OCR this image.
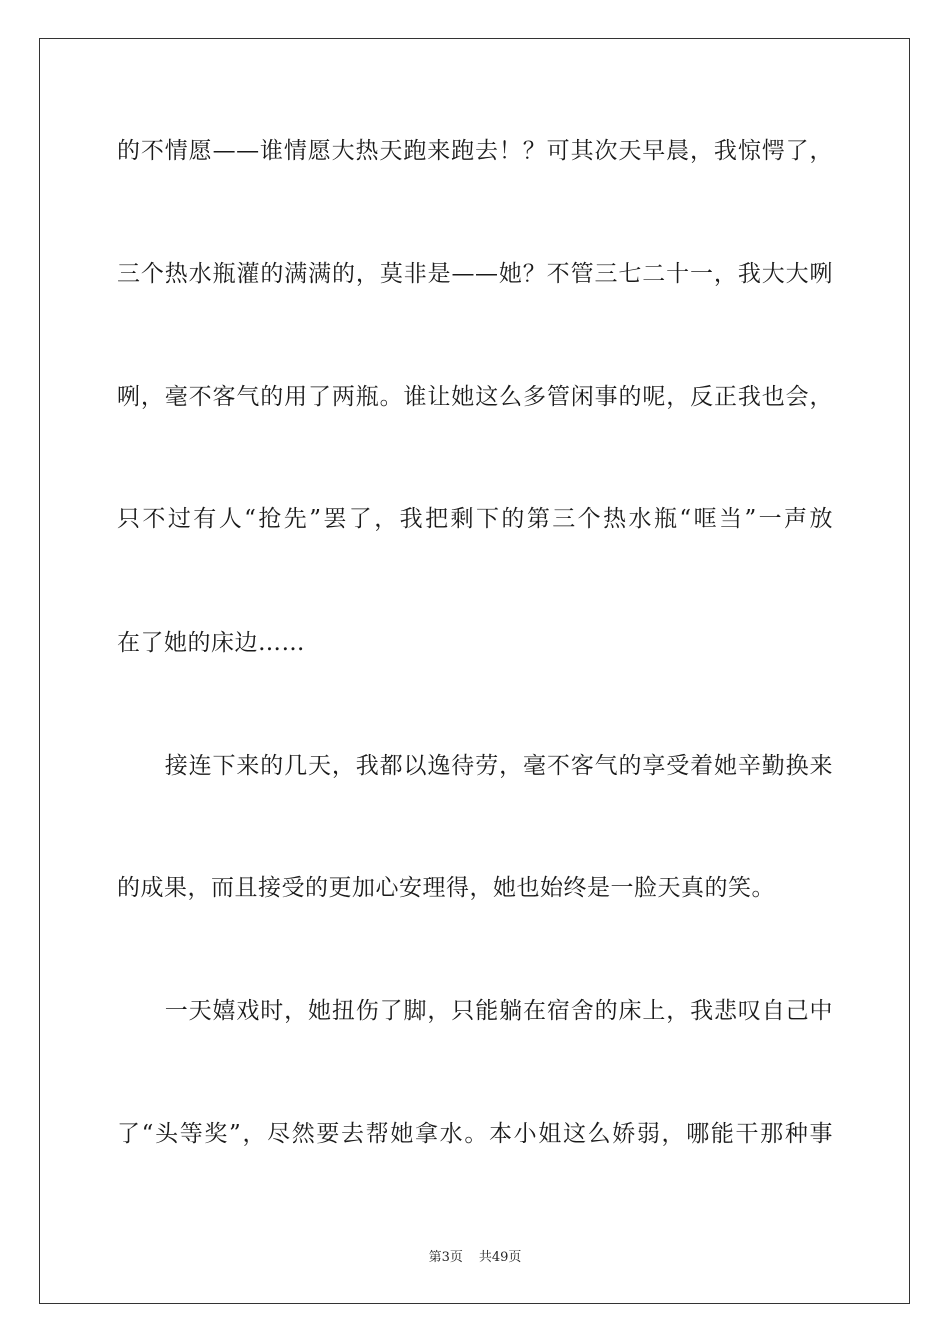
的不情愿——谁情愿大热天跑来跑去！？可其次天早晨，我惊愕了，
三个热水瓶灌的满满的，莫非是——她？不管三七二十一，我大大咧
咧，毫不客气的用了两瓶。谁让她这么多管闲事的呢，反正我也会，
只不过有人“抢先”罢了，我把剩下的第三个热水瓶“哐当”一声放
在了她的床边……
　　接连下来的几天，我都以逸待劳，毫不客气的享受着她辛勤换来
的成果，而且接受的更加心安理得，她也始终是一脸天真的笑。
　　一天嬉戏时，她扭伤了脚，只能躺在宿舍的床上，我悲叹自己中
了“头等奖”，尽然要去帮她拿水。本小姐这么娇弱，哪能干那种事
第3页 共49页
